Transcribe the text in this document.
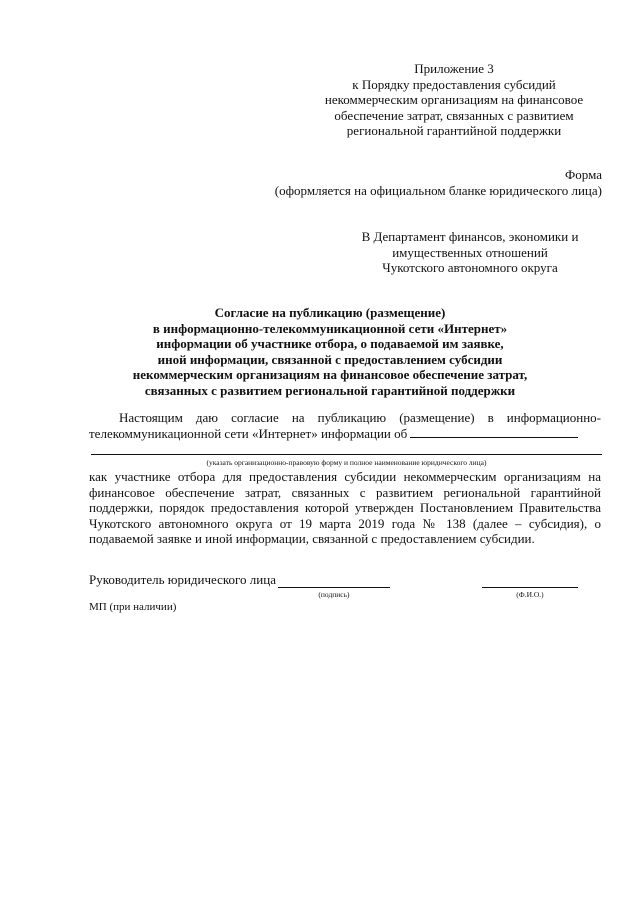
Приложение 3
к Порядку предоставления субсидий
некоммерческим организациям на финансовое
обеспечение затрат, связанных с развитием
региональной гарантийной поддержки
Форма
(оформляется на официальном бланке юридического лица)
В Департамент финансов, экономики и
имущественных отношений
Чукотского автономного округа
Согласие на публикацию (размещение)
в информационно-телекоммуникационной сети «Интернет»
информации об участнике отбора, о подаваемой им заявке,
иной информации, связанной с предоставлением субсидии
некоммерческим организациям на финансовое обеспечение затрат,
связанных с развитием региональной гарантийной поддержки

Настоящим даю согласие на публикацию (размещение) в информационно-телекоммуникационной сети «Интернет» информации об

(указать организационно-правовую форму и полное наименование юридического лица)

как участнике отбора для предоставления субсидии некоммерческим организациям на финансовое обеспечение затрат, связанных с развитием региональной гарантийной поддержки, порядок предоставления которой утвержден Постановлением Правительства Чукотского автономного округа от 19 марта 2019 года № 138 (далее – субсидия), о подаваемой заявке и иной информации, связанной с предоставлением субсидии.

Руководитель юридического лица
(подпись)	(Ф.И.О.)
МП (при наличии)
